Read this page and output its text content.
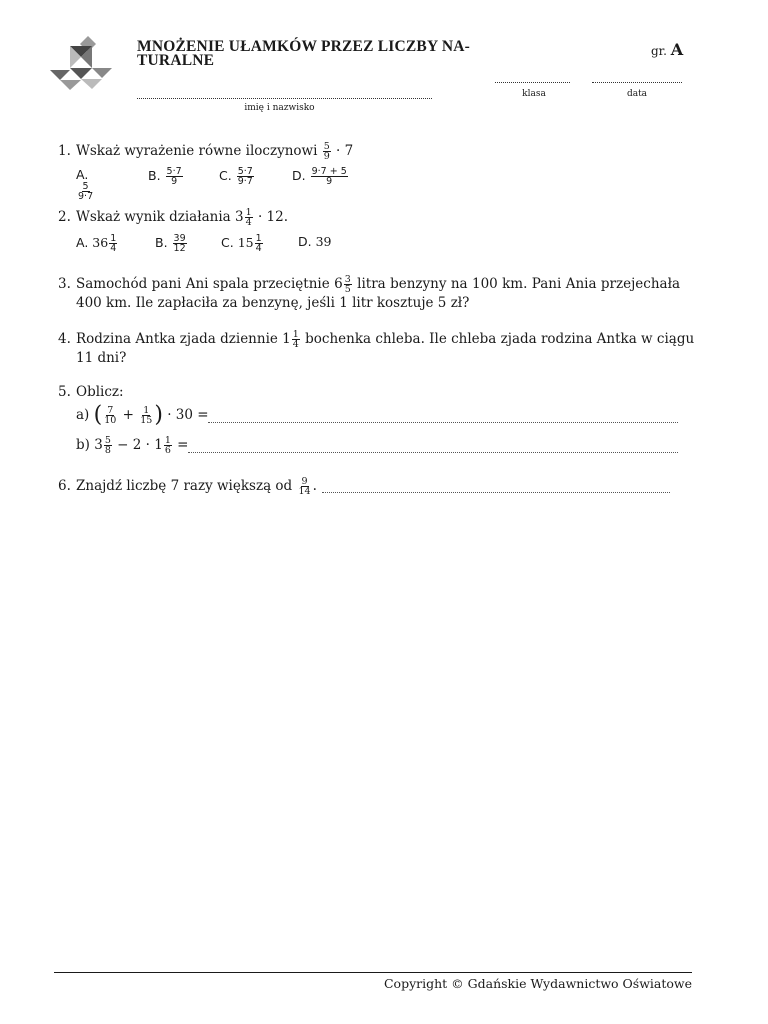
MNOŻENIE UŁAMKÓW PRZEZ LICZBY NA-
TURALNE
gr. A
imię i nazwisko
klasa	data
1. Wskaż wyrażenie równe iloczynowi $\frac{5}{9} \cdot 7$
A.
$\frac{5}{9\cdot 7}$
B. $\frac{5\cdot 7}{9}$	C. $\frac{5\cdot 7}{9\cdot 7}$	D. $\frac{9\cdot 7 + 5}{9}$
2. Wskaż wynik działania $3 \frac{1}{4} \cdot 12$.
A. $36 \frac{1}{4}$	B. $\frac{39}{12}$	C. $15 \frac{1}{4}$	D. 39
3. Samochód pani Ani spala przeciętnie $6 \frac{3}{5}$ litra benzyny na 100 km. Pani Ania przejechała
400 km. Ile zapłaciła za benzynę, jeśli 1 litr kosztuje 5 zł?
4. Rodzina Antka zjada dziennie $1 \frac{1}{4}$ bochenka chleba. Ile chleba zjada rodzina Antka w ciągu
11 dni?
5. Oblicz:
a) ( $\frac{7}{10} + \frac{1}{15}$ ) · 30 =
b) $3 \frac{5}{8} - 2 \cdot 1 \frac{1}{6}$ =
6. Znajdź liczbę 7 razy większą od $\frac{9}{14}$ .
Copyright © Gdańskie Wydawnictwo Oświatowe
